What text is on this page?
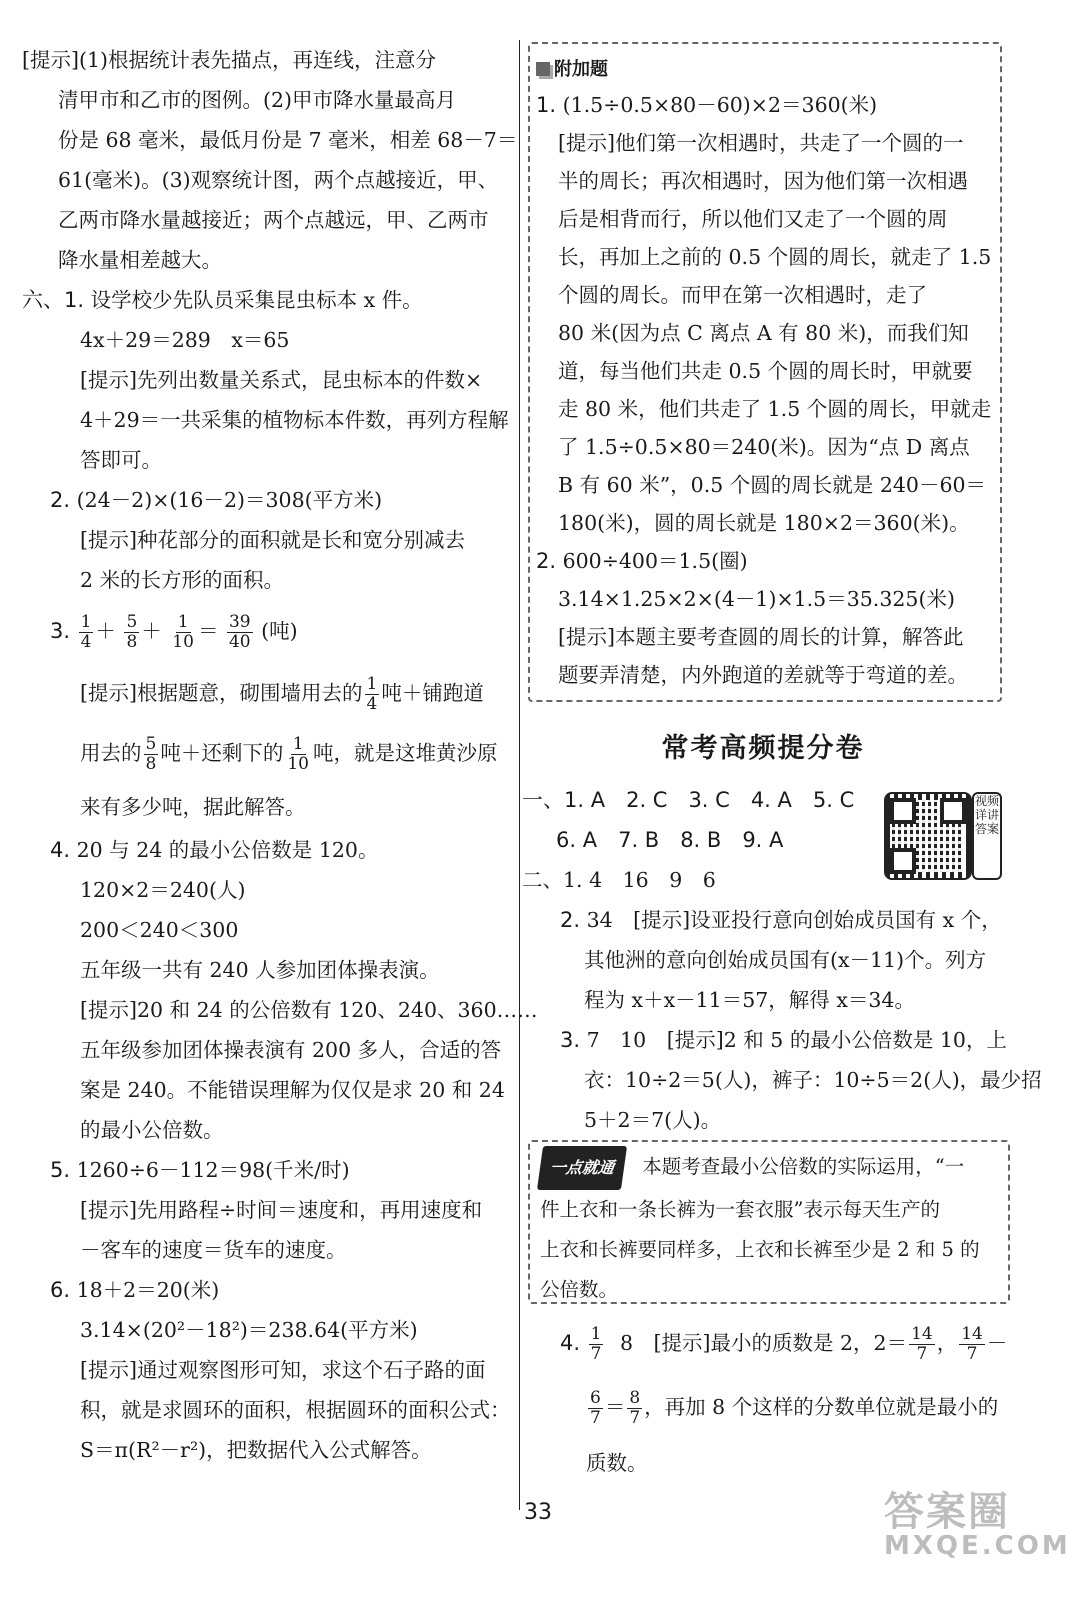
[提示](1)根据统计表先描点，再连线，注意分
清甲市和乙市的图例。(2)甲市降水量最高月
份是 68 毫米，最低月份是 7 毫米，相差 68－7＝
61(毫米)。(3)观察统计图，两个点越接近，甲、
乙两市降水量越接近；两个点越远，甲、乙两市
降水量相差越大。
六、1. 设学校少先队员采集昆虫标本 x 件。
4x＋29＝289　x＝65
[提示]先列出数量关系式，昆虫标本的件数×
4＋29＝一共采集的植物标本件数，再列方程解
答即可。
2. (24－2)×(16－2)＝308(平方米)
[提示]种花部分的面积就是长和宽分别减去
2 米的长方形的面积。
3. $\frac{1}{4} + \frac{5}{8} + \frac{1}{10} = \frac{39}{40}$ (吨)
[提示]根据题意，砌围墙用去的 $\frac{1}{4}$ 吨＋铺跑道
用去的 $\frac{5}{8}$ 吨＋还剩下的 $\frac{1}{10}$ 吨，就是这堆黄沙原
来有多少吨，据此解答。
4. 20 与 24 的最小公倍数是 120。
120×2＝240(人)
200＜240＜300
五年级一共有 240 人参加团体操表演。
[提示]20 和 24 的公倍数有 120、240、360……
五年级参加团体操表演有 200 多人，合适的答
案是 240。不能错误理解为仅仅是求 20 和 24
的最小公倍数。
5. 1260÷6－112＝98(千米/时)
[提示]先用路程÷时间＝速度和，再用速度和
－客车的速度＝货车的速度。
6. 18＋2＝20(米)
3.14×(20²－18²)＝238.64(平方米)
[提示]通过观察图形可知，求这个石子路的面
积，就是求圆环的面积，根据圆环的面积公式：
S＝π(R²－r²)，把数据代入公式解答。
附加题
1. (1.5÷0.5×80－60)×2＝360(米)
[提示]他们第一次相遇时，共走了一个圆的一
半的周长；再次相遇时，因为他们第一次相遇
后是相背而行，所以他们又走了一个圆的周
长，再加上之前的 0.5 个圆的周长，就走了 1.5
个圆的周长。而甲在第一次相遇时，走了
80 米(因为点 C 离点 A 有 80 米)，而我们知
道，每当他们共走 0.5 个圆的周长时，甲就要
走 80 米，他们共走了 1.5 个圆的周长，甲就走
了 1.5÷0.5×80＝240(米)。因为“点 D 离点
B 有 60 米”，0.5 个圆的周长就是 240－60＝
180(米)，圆的周长就是 180×2＝360(米)。
2. 600÷400＝1.5(圈)
3.14×1.25×2×(4－1)×1.5＝35.325(米)
[提示]本题主要考查圆的周长的计算，解答此
题要弄清楚，内外跑道的差就等于弯道的差。
常考高频提分卷
视频详讲答案
一、1. A　2. C　3. C　4. A　5. C
6. A　7. B　8. B　9. A
二、1. 4　16　9　6
2. 34　[提示]设亚投行意向创始成员国有 x 个，
其他洲的意向创始成员国有(x－11)个。列方
程为 x＋x－11＝57，解得 x＝34。
3. 7　10　[提示]2 和 5 的最小公倍数是 10，上
衣：10÷2＝5(人)，裤子：10÷5＝2(人)，最少招
5＋2＝7(人)。
一点就通 本题考查最小公倍数的实际运用，“一
件上衣和一条长裤为一套衣服”表示每天生产的
上衣和长裤要同样多，上衣和长裤至少是 2 和 5 的
公倍数。
4. $\frac{1}{7} 8$　[提示]最小的质数是 2，$2= \frac{14}{7}$ ， $\frac{14}{7}$ －
$\frac{6}{7} = \frac{8}{7}$ ，再加 8 个这样的分数单位就是最小的
质数。
33	答案圈
MXQE.COM
